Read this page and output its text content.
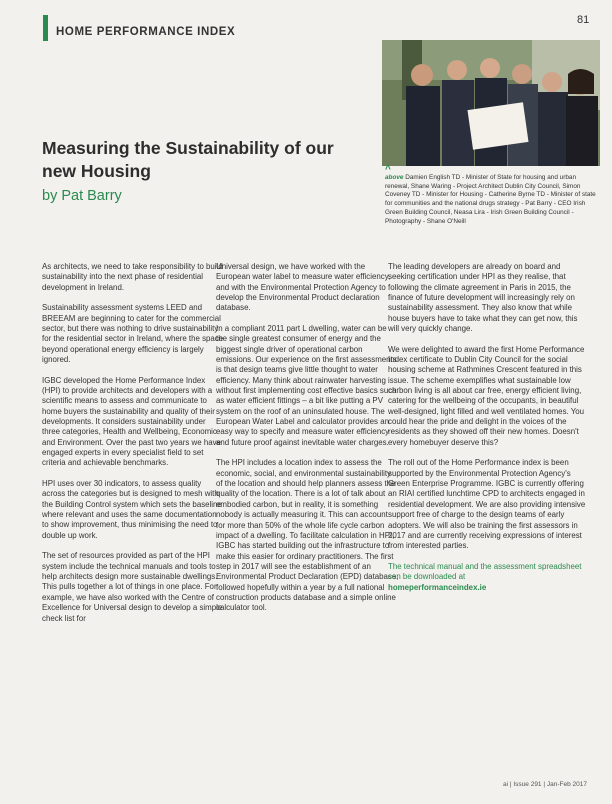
HOME PERFORMANCE INDEX
81
^
above Damien English TD - Minister of State for housing and urban renewal, Shane Waring - Project Architect Dublin City Council, Simon Coveney TD - Minister for Housing - Catherine Byrne TD - Minister of state for communities and the national drugs strategy - Pat Barry - CEO Irish Green Building Council, Neasa Lira - Irish Green Building Council - Photography - Shane O'Neill
Measuring the Sustainability of our new Housing
by Pat Barry

As architects, we need to take responsibility to build sustainability into the next phase of residential development in Ireland.

Sustainability assessment systems LEED and BREEAM are beginning to cater for the commercial sector, but there was nothing to drive sustainability for the residential sector in Ireland, where the space beyond operational energy efficiency is largely ignored.

IGBC developed the Home Performance Index (HPI) to provide architects and developers with a scientific means to assess and communicate to home buyers the sustainability and quality of their developments. It considers sustainability under three categories, Health and Wellbeing, Economic and Environment. Over the past two years we have engaged experts in every specialist field to set criteria and achievable benchmarks.

HPI uses over 30 indicators, to assess quality across the categories but is designed to mesh with the Building Control system which sets the baseline where relevant and uses the same documentation to show improvement, thus minimising the need to double up work.

The set of resources provided as part of the HPI system include the technical manuals and tools to help architects design more sustainable dwellings. This pulls together a lot of things in one place. For example, we have also worked with the Centre of Excellence for Universal design to develop a simple check list for

Universal design, we have worked with the European water label to measure water efficiency, and with the Environmental Protection Agency to develop the Environmental Product declaration database.

In a compliant 2011 part L dwelling, water can be the single greatest consumer of energy and the biggest single driver of operational carbon emissions. Our experience on the first assessments is that design teams give little thought to water efficiency. Many think about rainwater harvesting without first implementing cost effective basics such as water efficient fittings – a bit like putting a PV system on the roof of an uninsulated house. The European Water Label and calculator provides an easy way to specify and measure water efficiency and future proof against inevitable water charges.

The HPI includes a location index to assess the economic, social, and environmental sustainability of the location and should help planners assess the quality of the location. There is a lot of talk about embodied carbon, but in reality, it is something nobody is actually measuring it. This can account for more than 50% of the whole life cycle carbon impact of a dwelling. To facilitate calculation in HPI, IGBC has started building out the infrastructure to make this easier for ordinary practitioners. The first step in 2017 will see the establishment of an Environmental Product Declaration (EPD) database, followed hopefully within a year by a full national construction products database and a simple online calculator tool.

The leading developers are already on board and seeking certification under HPI as they realise, that following the climate agreement in Paris in 2015, the finance of future development will increasingly rely on sustainability assessment. They also know that while house buyers have to take what they can get now, this will very quickly change.

We were delighted to award the first Home Performance Index certificate to Dublin City Council for the social housing scheme at Rathmines Crescent featured in this issue. The scheme exemplifies what sustainable low carbon living is all about car free, energy efficient living, catering for the wellbeing of the occupants, in beautiful well-designed, light filled and well ventilated homes. You could hear the pride and delight in the voices of the residents as they showed off their new homes. Doesn't every homebuyer deserve this?

The roll out of the Home Performance index is been supported by the Environmental Protection Agency's Green Enterprise Programme. IGBC is currently offering an RIAI certified lunchtime CPD to architects engaged in residential development. We are also providing intensive support free of charge to the design teams of early adopters. We will also be training the first assessors in 2017 and are currently receiving expressions of interest from interested parties.

The technical manual and the assessment spreadsheet can be downloaded at
homeperformanceindex.ie

ai | Issue 291 | Jan-Feb 2017
